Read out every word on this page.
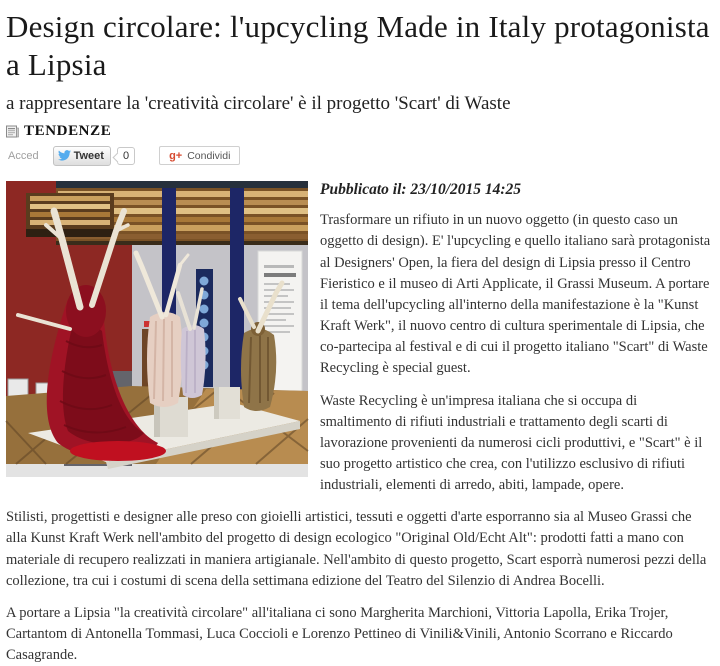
Design circolare: l'upcycling Made in Italy protagonista a Lipsia
a rappresentare la 'creatività circolare' è il progetto 'Scart' di Waste
TENDENZE
Acced	Tweet	0	g+ Condividi

Pubblicato il: 23/10/2015 14:25

Trasformare un rifiuto in un nuovo oggetto (in questo caso un oggetto di design). E' l'upcycling e quello italiano sarà protagonista al Designers' Open, la fiera del design di Lipsia presso il Centro Fieristico e il museo di Arti Applicate, il Grassi Museum. A portare il tema dell'upcycling all'interno della manifestazione è la "Kunst Kraft Werk", il nuovo centro di cultura sperimentale di Lipsia, che co-partecipa al festival e di cui il progetto italiano "Scart" di Waste Recycling è special guest.

Waste Recycling è un'impresa italiana che si occupa di smaltimento di rifiuti industriali e trattamento degli scarti di lavorazione provenienti da numerosi cicli produttivi, e "Scart" è il suo progetto artistico che crea, con l'utilizzo esclusivo di rifiuti industriali, elementi di arredo, abiti, lampade, opere.

Stilisti, progettisti e designer alle preso con gioielli artistici, tessuti e oggetti d'arte esporranno sia al Museo Grassi che alla Kunst Kraft Werk nell'ambito del progetto di design ecologico "Original Old/Echt Alt": prodotti fatti a mano con materiale di recupero realizzati in maniera artigianale. Nell'ambito di questo progetto, Scart esporrà numerosi pezzi della collezione, tra cui i costumi di scena della settimana edizione del Teatro del Silenzio di Andrea Bocelli.

A portare a Lipsia "la creatività circolare" all'italiana ci sono Margherita Marchioni, Vittoria Lapolla, Erika Trojer, Cartantom di Antonella Tommasi, Luca Coccioli e Lorenzo Pettineo di Vinili&Vinili, Antonio Scorrano e Riccardo Casagrande.
